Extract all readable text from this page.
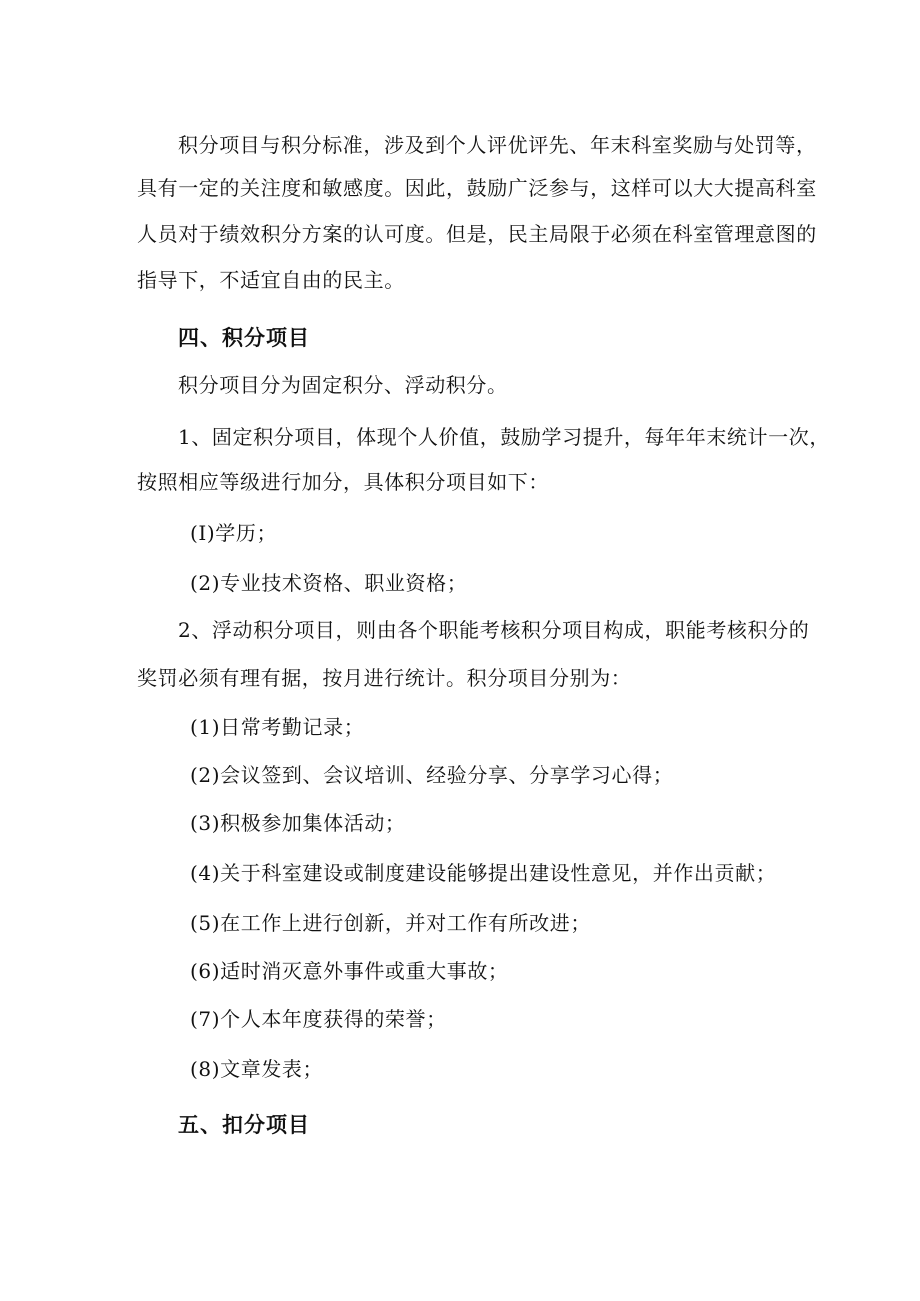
积分项目与积分标准，涉及到个人评优评先、年末科室奖励与处罚等，
具有一定的关注度和敏感度。因此，鼓励广泛参与，这样可以大大提高科室
人员对于绩效积分方案的认可度。但是，民主局限于必须在科室管理意图的
指导下，不适宜自由的民主。
四、积分项目
积分项目分为固定积分、浮动积分。
1、固定积分项目，体现个人价值，鼓励学习提升，每年年末统计一次，
按照相应等级进行加分，具体积分项目如下：
(I)学历；
(2)专业技术资格、职业资格；
2、浮动积分项目，则由各个职能考核积分项目构成，职能考核积分的
奖罚必须有理有据，按月进行统计。积分项目分别为：
(1)日常考勤记录；
(2)会议签到、会议培训、经验分享、分享学习心得；
(3)积极参加集体活动；
(4)关于科室建设或制度建设能够提出建设性意见，并作出贡献；
(5)在工作上进行创新，并对工作有所改进；
(6)适时消灭意外事件或重大事故；
(7)个人本年度获得的荣誉；
(8)文章发表；
五、扣分项目
